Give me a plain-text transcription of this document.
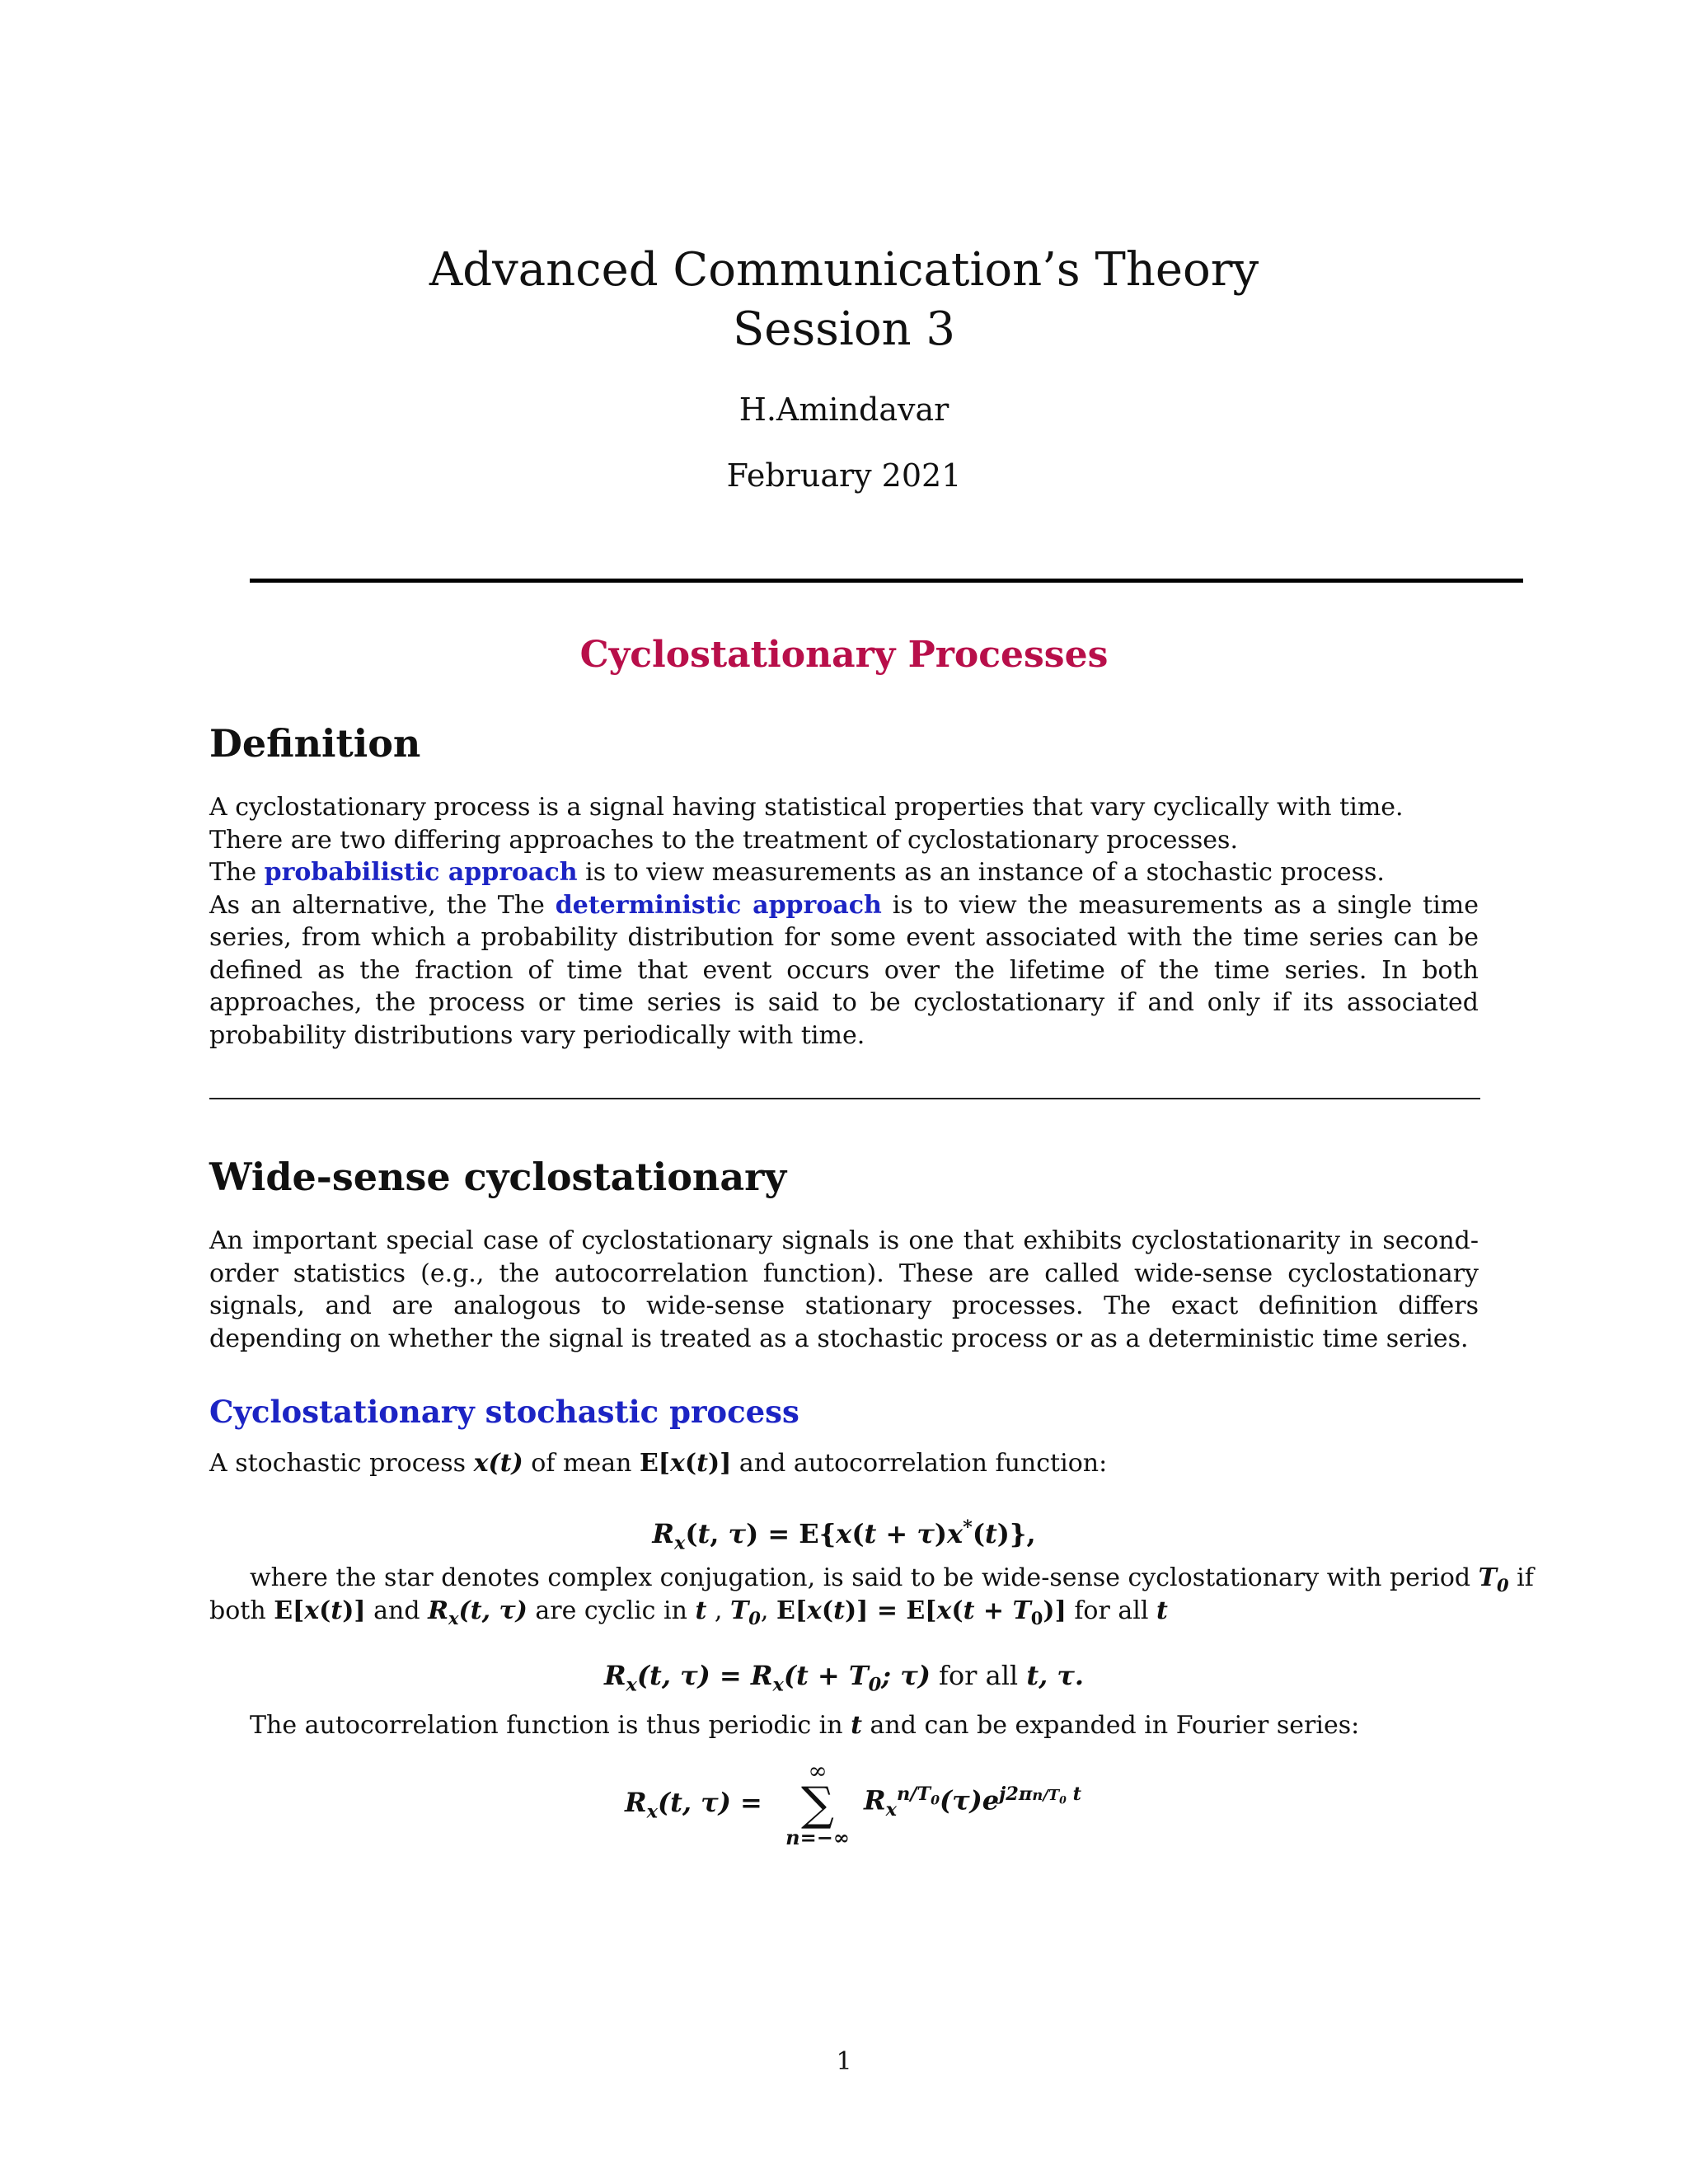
Advanced Communication’s Theory
Session 3
H.Amindavar
February 2021
Cyclostationary Processes
Definition
A cyclostationary process is a signal having statistical properties that vary cyclically with time.
There are two differing approaches to the treatment of cyclostationary processes.
The probabilistic approach is to view measurements as an instance of a stochastic process.
As an alternative, the The deterministic approach is to view the measurements as a single time series, from which a probability distribution for some event associated with the time series can be defined as the fraction of time that event occurs over the lifetime of the time series. In both approaches, the process or time series is said to be cyclostationary if and only if its associated probability distributions vary periodically with time.
Wide-sense cyclostationary

An important special case of cyclostationary signals is one that exhibits cyclostationarity in second-order statistics (e.g., the autocorrelation function). These are called wide-sense cyclostationary signals, and are analogous to wide-sense stationary processes. The exact definition differs depending on whether the signal is treated as a stochastic process or as a deterministic time series.

Cyclostationary stochastic process
A stochastic process x(t) of mean E[x(t)] and autocorrelation function:
$R_x(t$, τ) = E{x(t + τ)x*(t)},
where the star denotes complex conjugation, is said to be wide-sense cyclostationary with period $T_0$ if
both E[x(t)] and $R_x(t$, τ) are cyclic in t , $T_0$, $E[x(t)] = E[x(t + T_0)]$ for all t
$R_x(t$, $\tau) = R_x(t + T_0$; τ) for all t, τ.
The autocorrelation function is thus periodic in t and can be expanded in Fourier series:
$R_x(t$, τ) =
∞
∑
n=−∞
$R_x^{n/T_0}(\tau)e^{j2\pi n/T_0 t}$
1
